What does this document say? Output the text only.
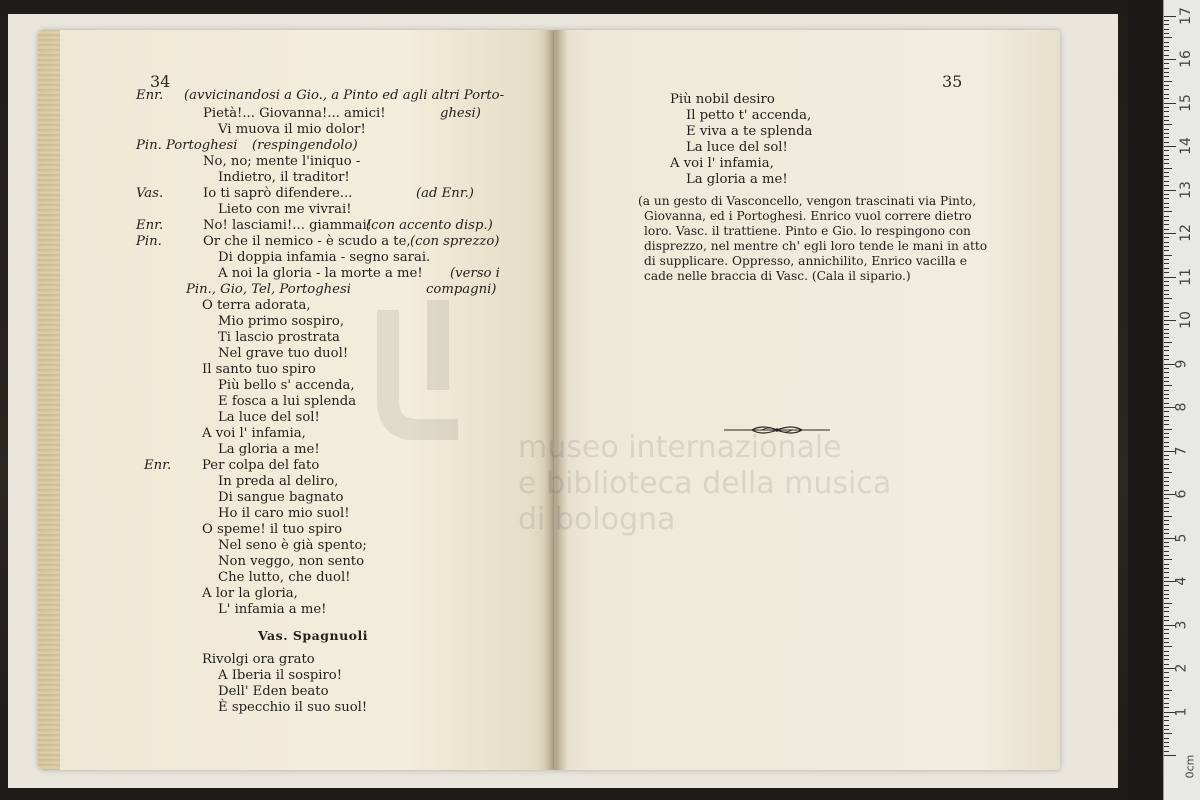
34
Enr. (avvicinandosi a Gio., a Pinto ed agli altri Porto-
Pietà!... Giovanna!... amici!	ghesi)
Vi muova il mio dolor!
Pin. Portoghesi (respingendolo)
No, no; mente l'iniquo -
Indietro, il traditor!
Vas.	Io ti saprò difendere...	(ad Enr.)
Lieto con me vivrai!
Enr.	No! lasciami!... giammai!
(con accento disp.)
Pin.	Or che il nemico - è scudo a te, (con sprezzo)
Di doppia infamia - segno sarai.
A noi la gloria - la morte a me! (verso i
Pin., Gio, Tel, Portoghesi	compagni)
O terra adorata,
Mio primo sospiro,
Ti lascio prostrata
Nel grave tuo duol!
Il santo tuo spiro
Più bello s' accenda,
E fosca a lui splenda
La luce del sol!
A voi l' infamia,
La gloria a me!
Enr. Per colpa del fato
In preda al deliro,
Di sangue bagnato
Ho il caro mio suol!
O speme! il tuo spiro
Nel seno è già spento;
Non veggo, non sento
Che lutto, che duol!
A lor la gloria,
L' infamia a me!
Vas. Spagnuoli
Rivolgi ora grato
A Iberia il sospiro!
Dell' Eden beato
È specchio il suo suol!
35
Più nobil desiro
Il petto t' accenda,
E viva a te splenda
La luce del sol!
A voi l' infamia,
La gloria a me!
(a un gesto di Vasconcello, vengon trascinati via Pinto,
Giovanna, ed i Portoghesi. Enrico vuol correre dietro
loro. Vasc. il trattiene. Pinto e Gio. lo respingono con
disprezzo, nel mentre ch' egli loro tende le mani in atto
di supplicare. Oppresso, annichilito, Enrico vacilla e
cade nelle braccia di Vasc. (Cala il sipario.)
0cm
1
2
3
4
5
6
7
8
9
10
11
12
13
14
15
16
17
